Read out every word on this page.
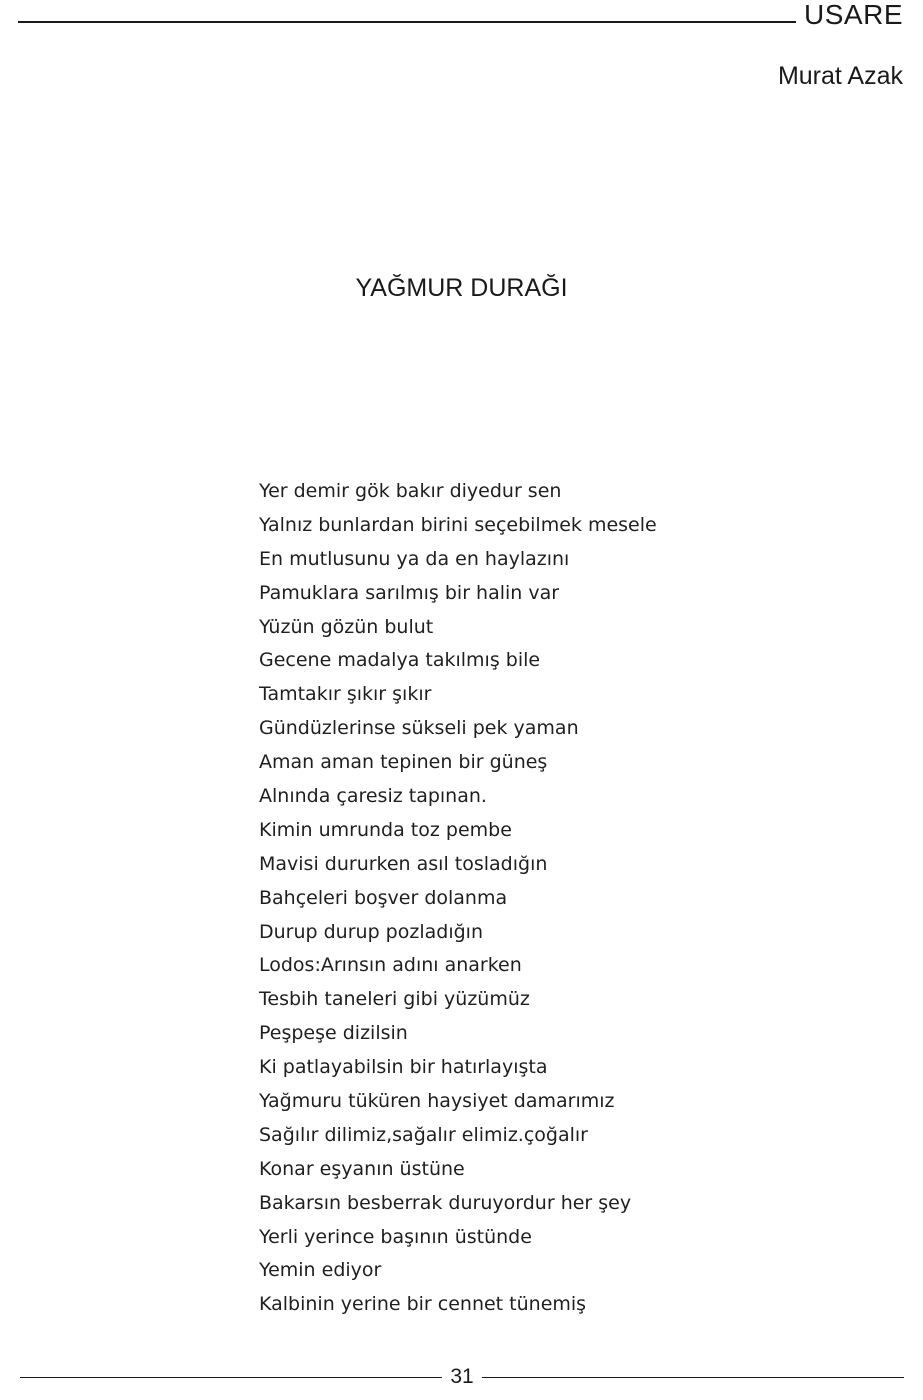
USARE
Murat Azak
YAĞMUR DURAĞI
Yer demir gök bakır diyedur sen
Yalnız bunlardan birini seçebilmek mesele
En mutlusunu ya da en haylazını
Pamuklara sarılmış bir halin var
Yüzün gözün bulut
Gecene madalya takılmış bile
Tamtakır şıkır şıkır
Gündüzlerinse sükseli pek yaman
Aman aman tepinen bir güneş
Alnında çaresiz tapınan.
Kimin umrunda toz pembe
Mavisi dururken asıl tosladığın
Bahçeleri boşver dolanma
Durup durup pozladığın
Lodos:Arınsın adını anarken
Tesbih taneleri gibi yüzümüz
Peşpeşe dizilsin
Ki patlayabilsin bir hatırlayışta
Yağmuru tüküren haysiyet damarımız
Sağılır dilimiz,sağalır elimiz.çoğalır
Konar eşyanın üstüne
Bakarsın besberrak duruyordur her şey
Yerli yerince başının üstünde
Yemin ediyor
Kalbinin yerine bir cennet tünemiş
31
